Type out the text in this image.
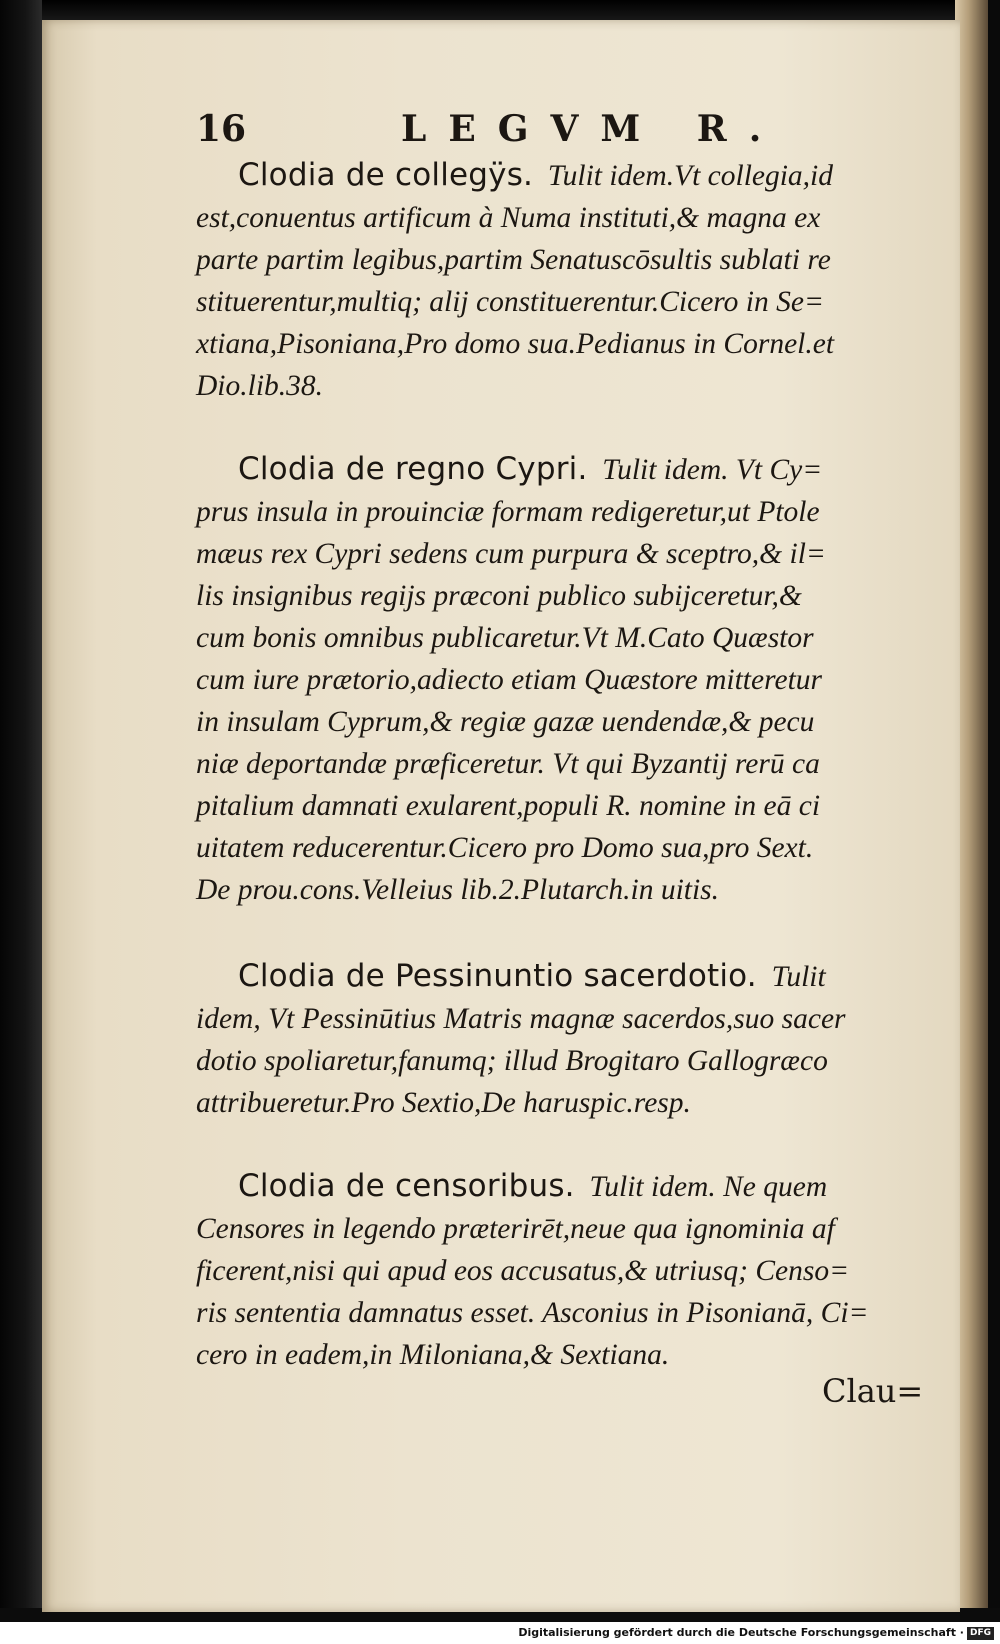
16	LEGVM R.
Clodia de collegÿs. Tulit idem.Vt collegia,id
est,conuentus artificum à Numa instituti,& magna ex
parte partim legibus,partim Senatuscōsultis sublati re
stituerentur,multiq; alij constituerentur.Cicero in Se=
xtiana,Pisoniana,Pro domo sua.Pedianus in Cornel.et
Dio.lib.38.
Clodia de regno Cypri. Tulit idem. Vt Cy=
prus insula in prouinciæ formam redigeretur,ut Ptole
mæus rex Cypri sedens cum purpura & sceptro,& il=
lis insignibus regijs præconi publico subijceretur,&
cum bonis omnibus publicaretur.Vt M.Cato Quæstor
cum iure prætorio,adiecto etiam Quæstore mitteretur
in insulam Cyprum,& regiæ gazæ uendendæ,& pecu
niæ deportandæ præficeretur. Vt qui Byzantij rerū ca
pitalium damnati exularent,populi R. nomine in eā ci
uitatem reducerentur.Cicero pro Domo sua,pro Sext.
De prou.cons.Velleius lib.2.Plutarch.in uitis.
Clodia de Pessinuntio sacerdotio. Tulit
idem, Vt Pessinūtius Matris magnæ sacerdos,suo sacer
dotio spoliaretur,fanumq; illud Brogitaro Gallogræco
attribueretur.Pro Sextio,De haruspic.resp.
Clodia de censoribus. Tulit idem. Ne quem
Censores in legendo præterirēt,neue qua ignominia af
ficerent,nisi qui apud eos accusatus,& utriusq; Censo=
ris sententia damnatus esset. Asconius in Pisonianā, Ci=
cero in eadem,in Miloniana,& Sextiana.
Clau=
Digitalisierung gefördert durch die Deutsche Forschungsgemeinschaft · DFG
